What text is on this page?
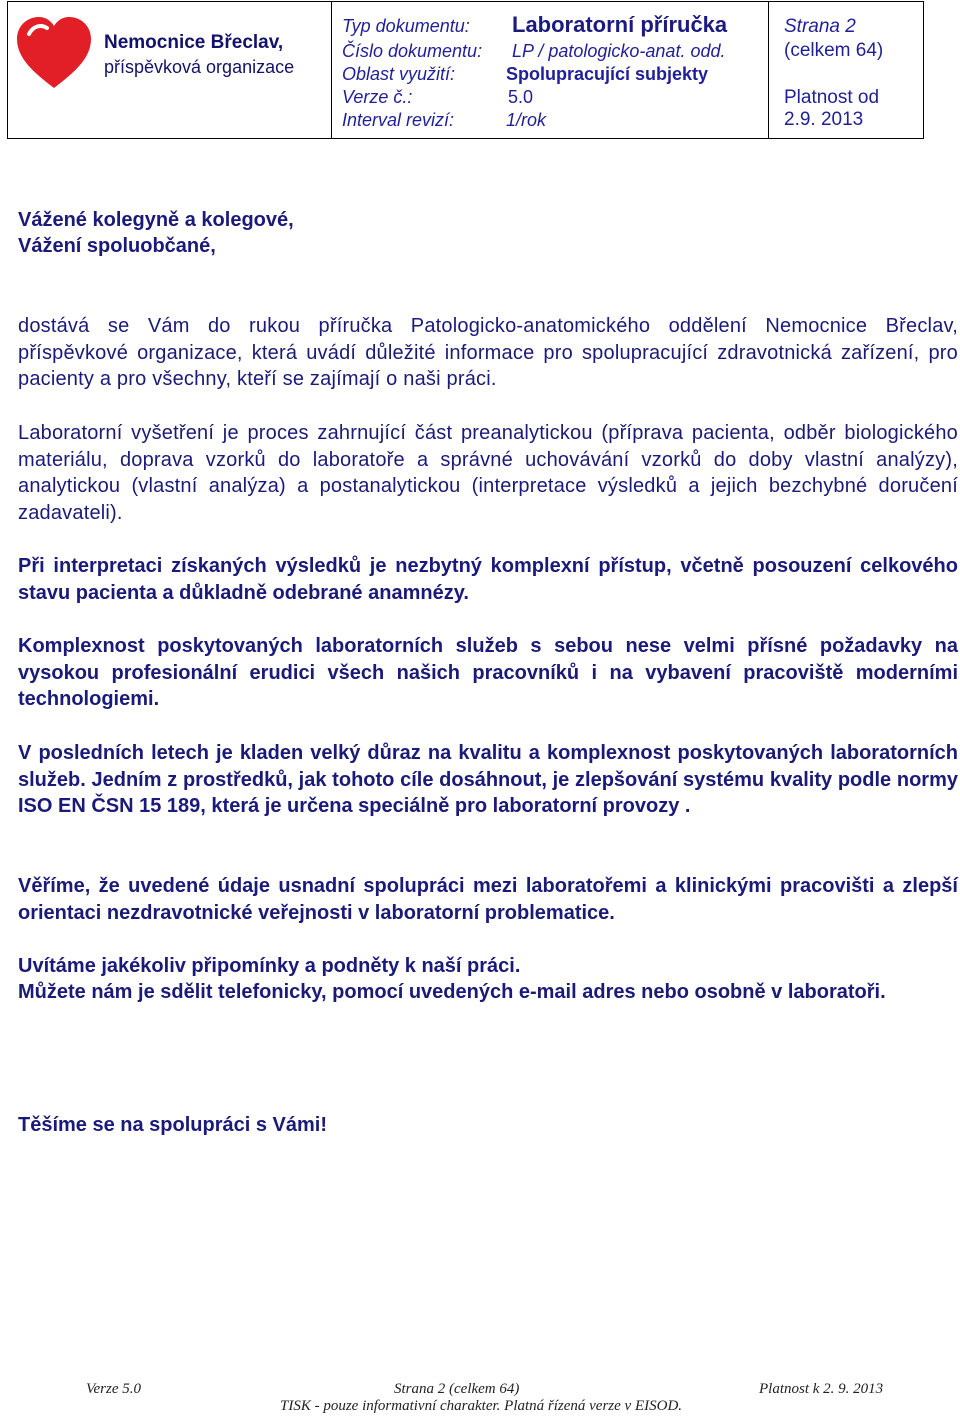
Nemocnice Břeclav,
příspěvková organizace
Typ dokumentu: Laboratorní příručka
Číslo dokumentu: LP / patologicko-anat. odd.
Oblast využití:	Spolupracující subjekty
Verze č.:	5.0
Interval revizí:	1/rok
Strana 2
(celkem 64)
Platnost od
2.9. 2013
Vážené kolegyně a kolegové,
Vážení spoluobčané,
dostává se Vám do rukou příručka Patologicko-anatomického oddělení Nemocnice Břeclav, příspěvkové organizace, která uvádí důležité informace pro spolupracující zdravotnická zařízení, pro pacienty a pro všechny, kteří se zajímají o naši práci.
Laboratorní vyšetření je proces zahrnující část preanalytickou (příprava pacienta, odběr biologického materiálu, doprava vzorků do laboratoře a správné uchovávání vzorků do doby vlastní analýzy), analytickou (vlastní analýza) a postanalytickou (interpretace výsledků a jejich bezchybné doručení zadavateli).
Při interpretaci získaných výsledků je nezbytný komplexní přístup, včetně posouzení celkového stavu pacienta a důkladně odebrané anamnézy.
Komplexnost poskytovaných laboratorních služeb s sebou nese velmi přísné požadavky na vysokou profesionální erudici všech našich pracovníků i na vybavení pracoviště moderními technologiemi.
V posledních letech je kladen velký důraz na kvalitu a komplexnost poskytovaných laboratorních služeb. Jedním z prostředků, jak tohoto cíle dosáhnout, je zlepšování systému kvality podle normy ISO EN ČSN 15 189, která je určena speciálně pro laboratorní provozy .
Věříme, že uvedené údaje usnadní spolupráci mezi laboratořemi a klinickými pracovišti a zlepší orientaci nezdravotnické veřejnosti v laboratorní problematice.
Uvítáme jakékoliv připomínky a podněty k naší práci.
Můžete nám je sdělit telefonicky, pomocí uvedených e-mail adres nebo osobně v laboratoři.
Těšíme se na spolupráci s Vámi!
Verze 5.0	Strana 2 (celkem 64)	Platnost k 2. 9. 2013
TISK - pouze informativní charakter. Platná řízená verze v EISOD.
